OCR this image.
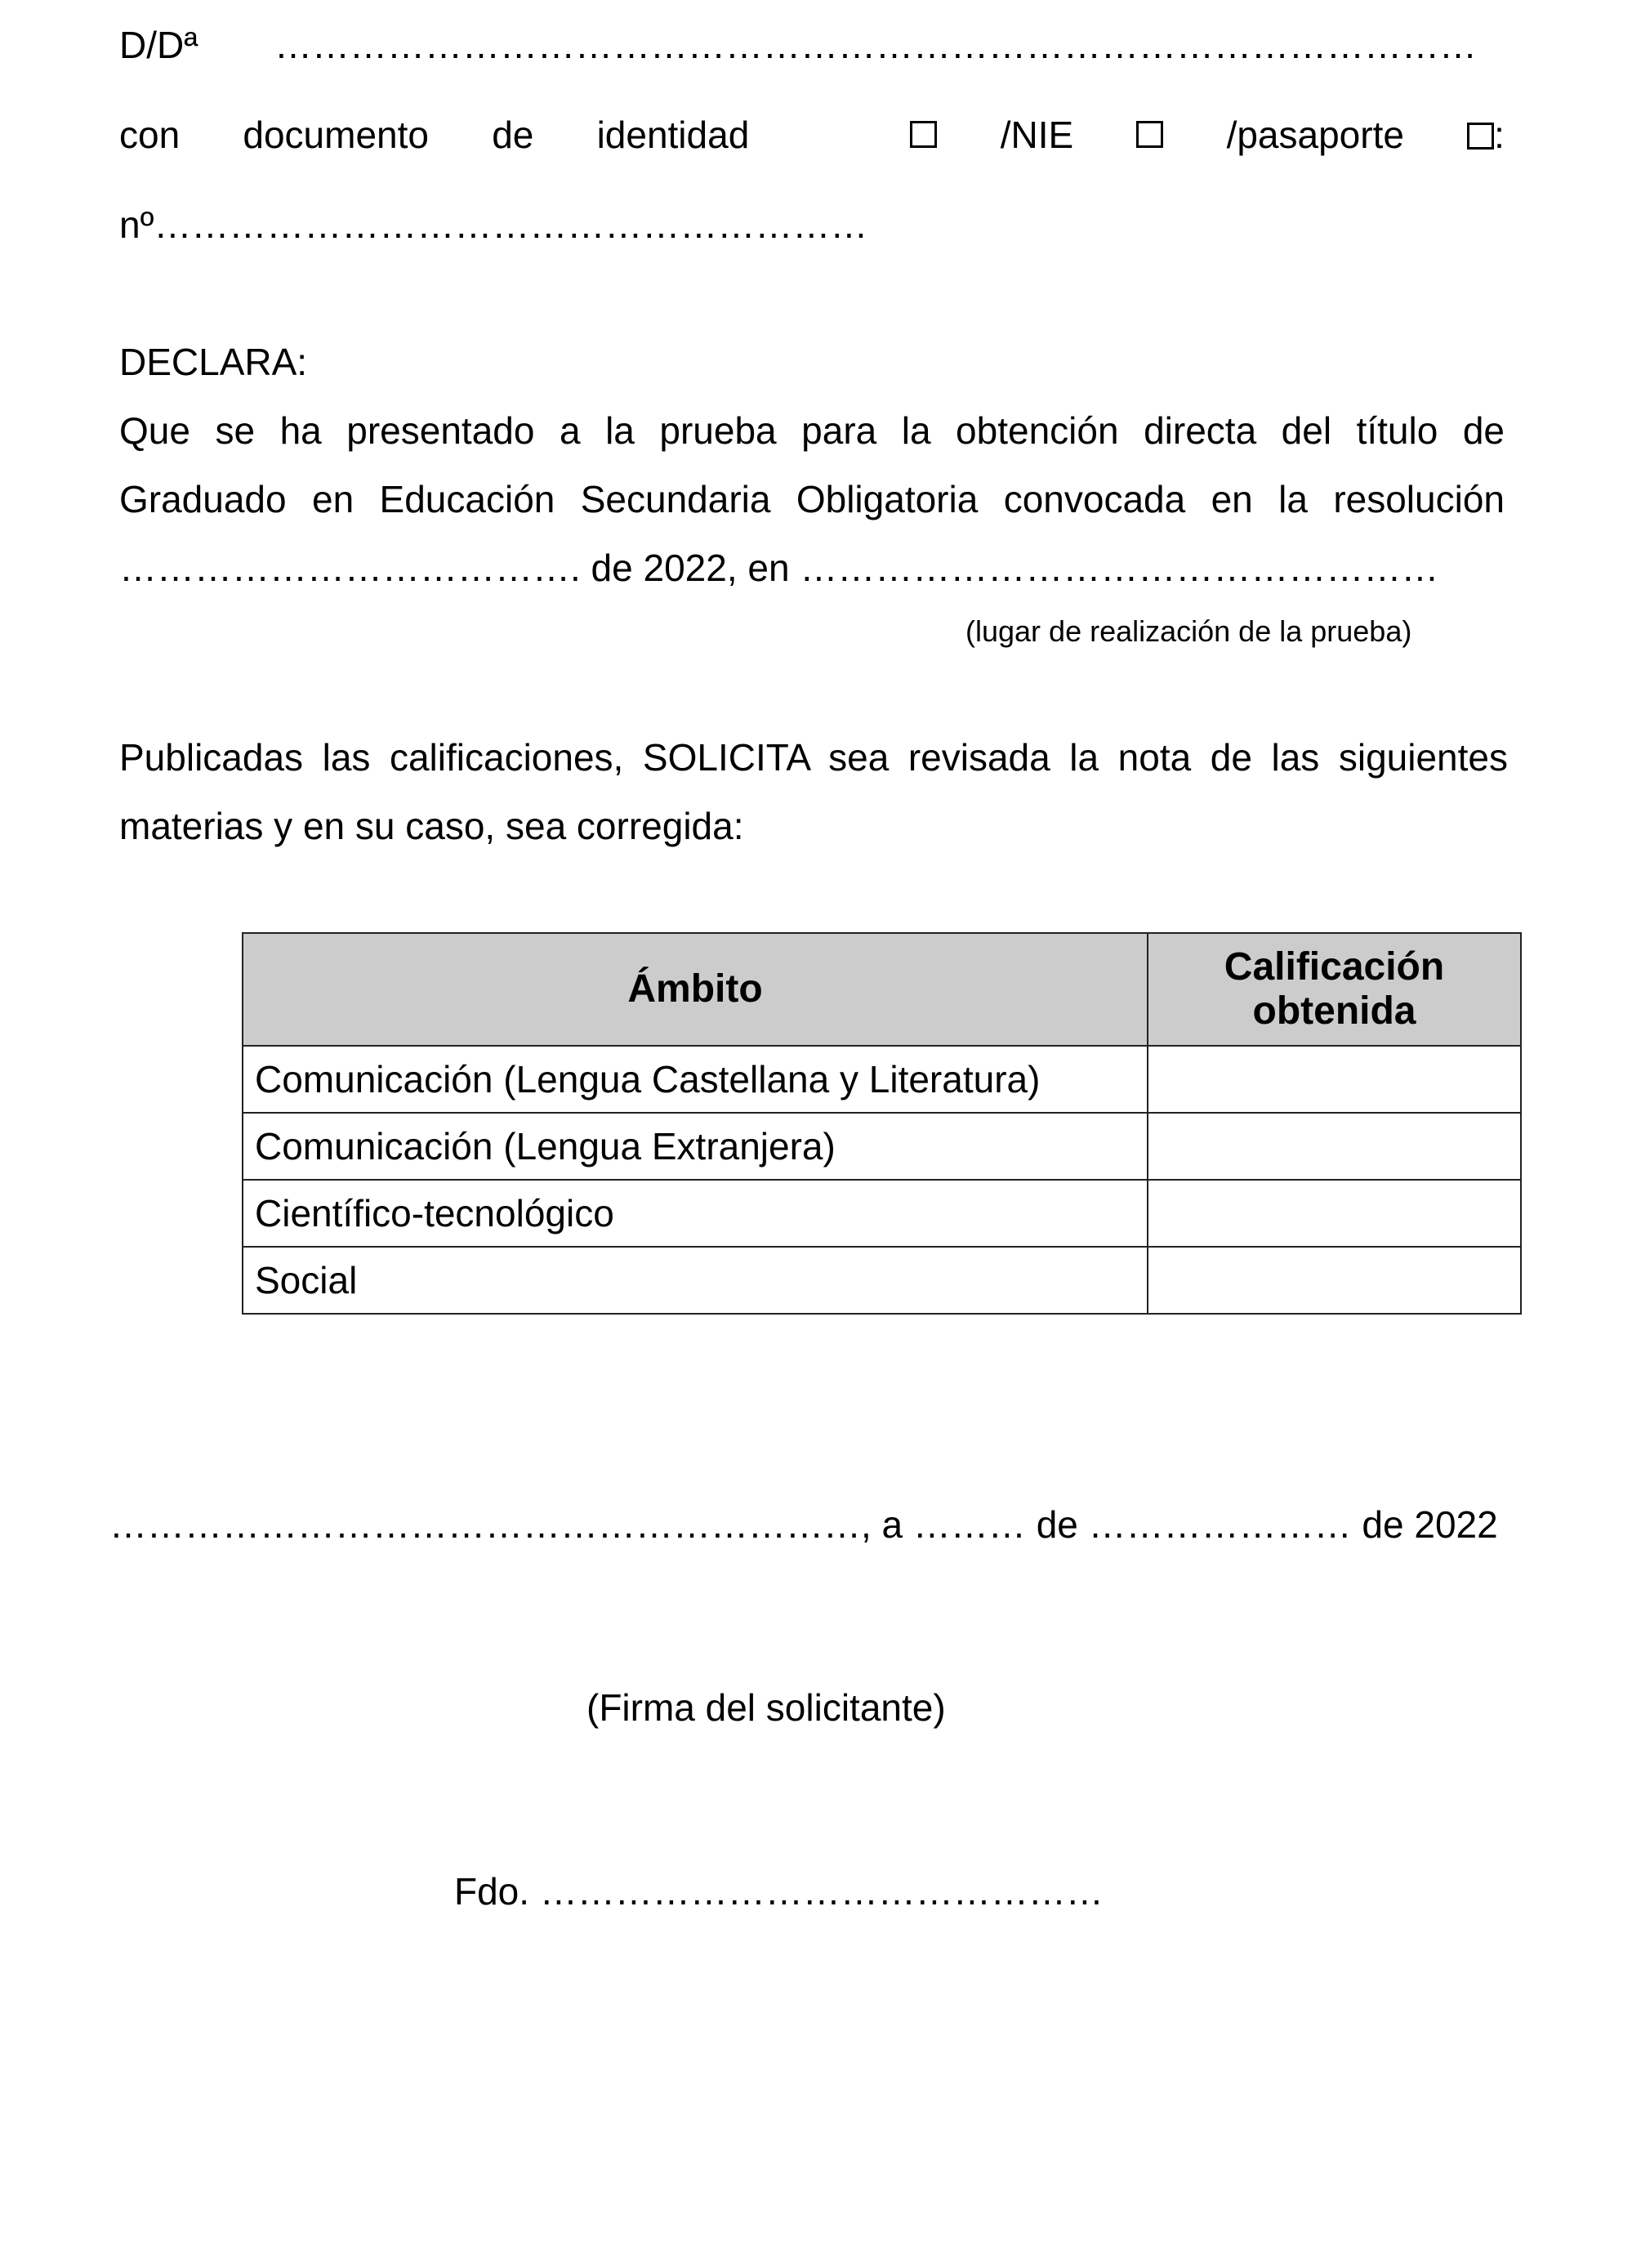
D/Dª ……………………………………………………………………………………
con documento de identidad	/NIE	/pasaporte	:
nº…………………………………………………
DECLARA:
Que se ha presentado a la prueba para la obtención directa del título de
Graduado en Educación Secundaria Obligatoria convocada en la resolución
………………………………. de 2022, en ……………………………………………
(lugar de realización de la prueba)
Publicadas las calificaciones, SOLICITA sea revisada la nota de las siguientes
materias y en su caso, sea corregida:
Ámbito	Calificación
obtenida
Comunicación (Lengua Castellana y Literatura)	
Comunicación (Lengua Extranjera)	
Científico-tecnológico	
Social	
……………………………………………………, a ……… de ………………… de 2022
(Firma del solicitante)
Fdo. ………………………………………
